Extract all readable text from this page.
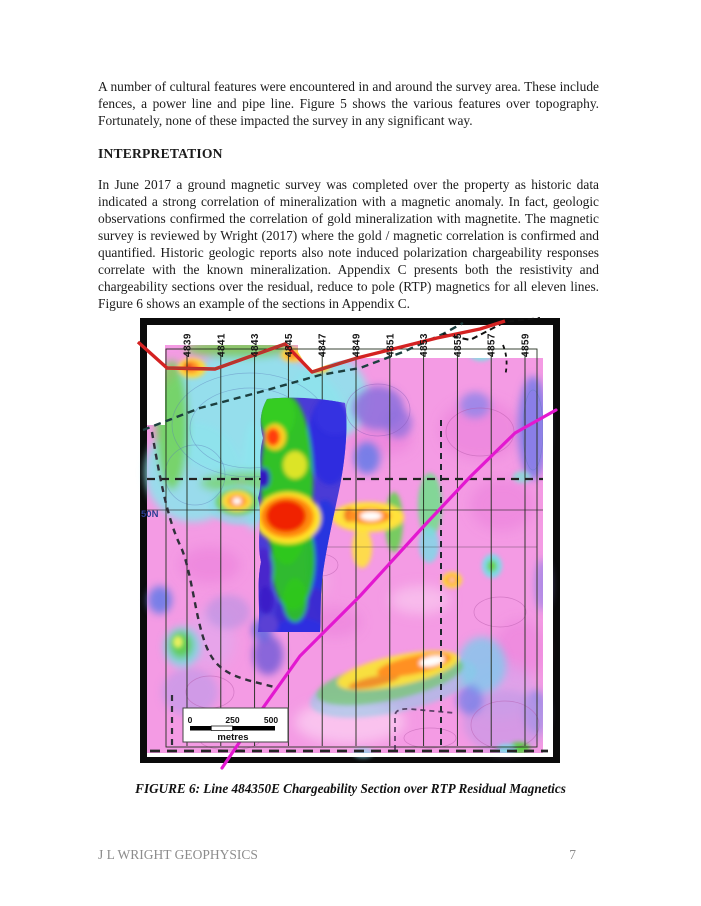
A number of cultural features were encountered in and around the survey area. These include fences, a power line and pipe line. Figure 5 shows the various features over topography. Fortunately, none of these impacted the survey in any significant way.
INTERPRETATION
In June 2017 a ground magnetic survey was completed over the property as historic data indicated a strong correlation of mineralization with a magnetic anomaly. In fact, geologic observations confirmed the correlation of gold mineralization with magnetite. The magnetic survey is reviewed by Wright (2017) where the gold / magnetic correlation is confirmed and quantified. Historic geologic reports also note induced polarization chargeability responses correlate with the known mineralization. Appendix C presents both the resistivity and chargeability sections over the residual, reduce to pole (RTP) magnetics for all eleven lines. Figure 6 shows an example of the sections in Appendix C.
4839 4841 4843 4845 4847 4849 4851 4853 4855 4857 4859
50N
0	250	500
metres
FIGURE 6: Line 484350E Chargeability Section over RTP Residual Magnetics
J L WRIGHT GEOPHYSICS	7
